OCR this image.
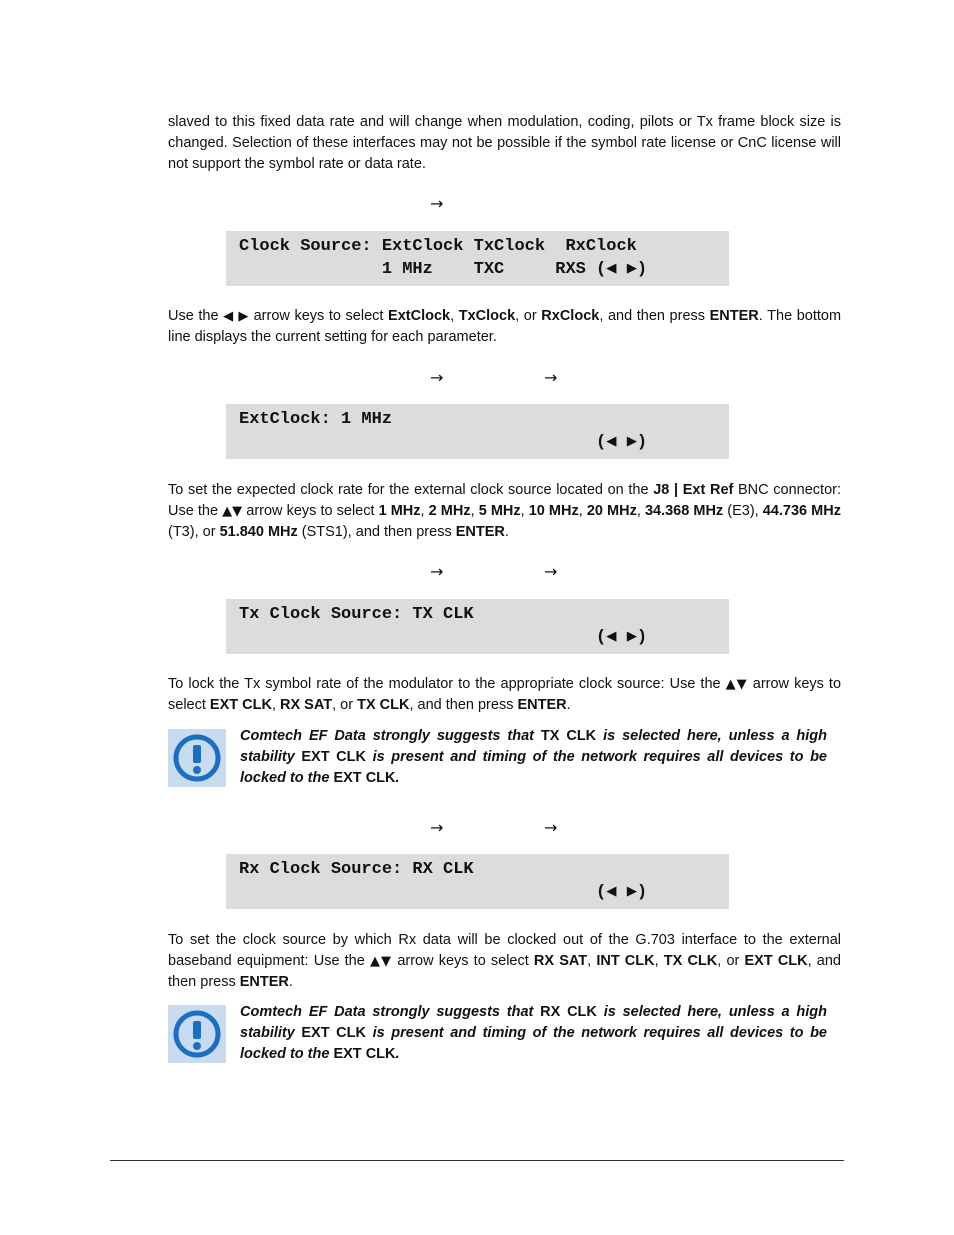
slaved to this fixed data rate and will change when modulation, coding, pilots or Tx frame block size is changed. Selection of these interfaces may not be possible if the symbol rate license or CnC license will not support the symbol rate or data rate.

→
Clock Source: ExtClock TxClock  RxClock
1 MHz    TXC     RXS (◀ ▶)

Use the ◀ ▶ arrow keys to select ExtClock, TxClock, or RxClock, and then press ENTER. The bottom line displays the current setting for each parameter.

→	→
ExtClock: 1 MHz
(◀ ▶)

To set the expected clock rate for the external clock source located on the J8 | Ext Ref BNC connector: Use the ▲▼ arrow keys to select 1 MHz, 2 MHz, 5 MHz, 10 MHz, 20 MHz, 34.368 MHz (E3), 44.736 MHz (T3), or 51.840 MHz (STS1), and then press ENTER.

→	→
Tx Clock Source: TX CLK
(◀ ▶)

To lock the Tx symbol rate of the modulator to the appropriate clock source: Use the ▲▼ arrow keys to select EXT CLK, RX SAT, or TX CLK, and then press ENTER.

Comtech EF Data strongly suggests that TX CLK is selected here, unless a high stability EXT CLK is present and timing of the network requires all devices to be locked to the EXT CLK.
→	→
Rx Clock Source: RX CLK
(◀ ▶)

To set the clock source by which Rx data will be clocked out of the G.703 interface to the external baseband equipment: Use the ▲▼ arrow keys to select RX SAT, INT CLK, TX CLK, or EXT CLK, and then press ENTER.

Comtech EF Data strongly suggests that RX CLK is selected here, unless a high stability EXT CLK is present and timing of the network requires all devices to be locked to the EXT CLK.
